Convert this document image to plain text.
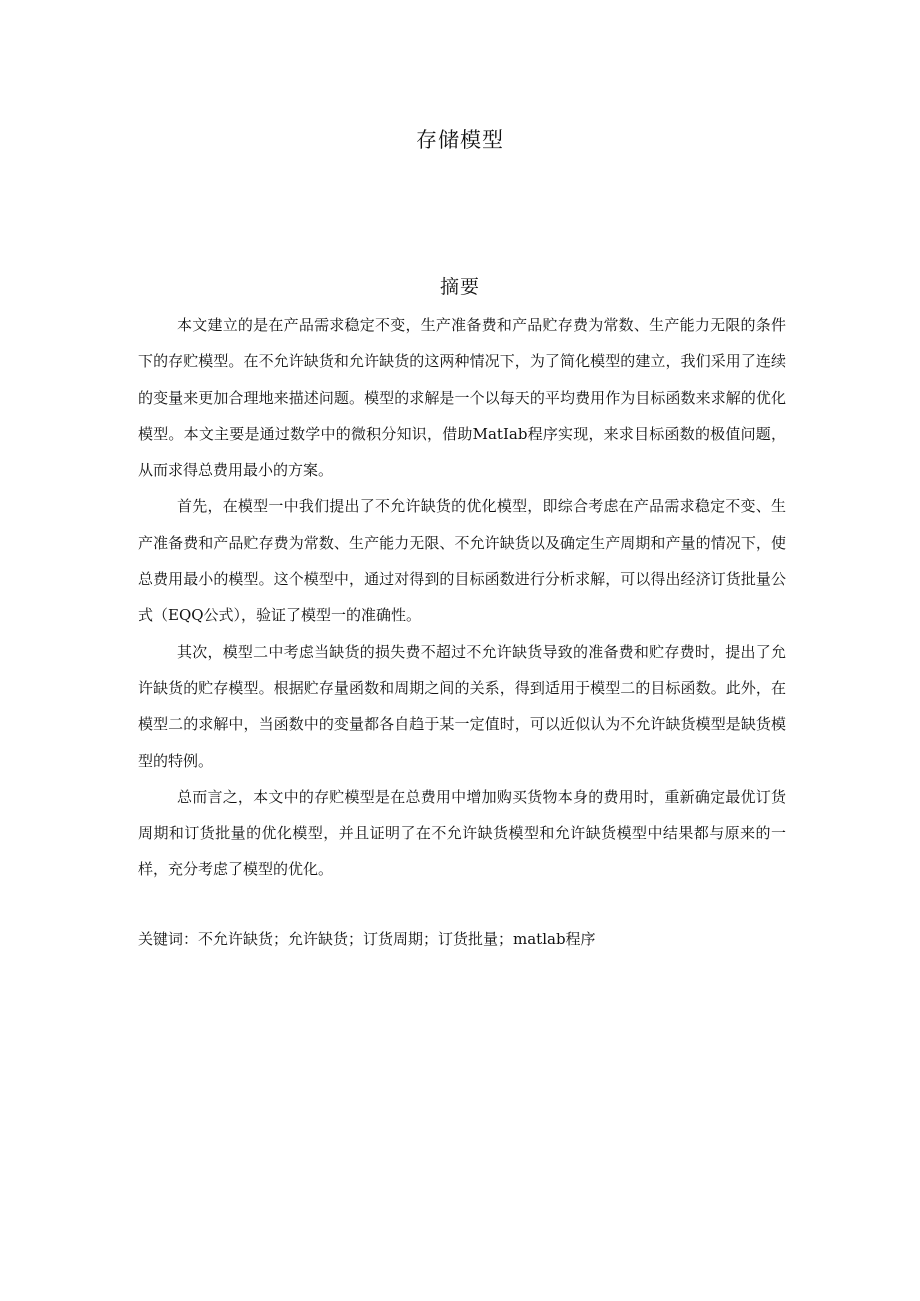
存储模型
摘要

本文建立的是在产品需求稳定不变，生产准备费和产品贮存费为常数、生产能力无限的条件下的存贮模型。在不允许缺货和允许缺货的这两种情况下，为了简化模型的建立，我们采用了连续的变量来更加合理地来描述问题。模型的求解是一个以每天的平均费用作为目标函数来求解的优化模型。本文主要是通过数学中的微积分知识，借助MatIab程序实现，来求目标函数的极值问题，从而求得总费用最小的方案。

首先，在模型一中我们提出了不允许缺货的优化模型，即综合考虑在产品需求稳定不变、生产准备费和产品贮存费为常数、生产能力无限、不允许缺货以及确定生产周期和产量的情况下，使总费用最小的模型。这个模型中，通过对得到的目标函数进行分析求解，可以得出经济订货批量公式（EQQ公式），验证了模型一的准确性。

其次，模型二中考虑当缺货的损失费不超过不允许缺货导致的准备费和贮存费时，提出了允许缺货的贮存模型。根据贮存量函数和周期之间的关系，得到适用于模型二的目标函数。此外，在模型二的求解中，当函数中的变量都各自趋于某一定值时，可以近似认为不允许缺货模型是缺货模型的特例。

总而言之，本文中的存贮模型是在总费用中增加购买货物本身的费用时，重新确定最优订货周期和订货批量的优化模型，并且证明了在不允许缺货模型和允许缺货模型中结果都与原来的一样，充分考虑了模型的优化。

关键词：不允许缺货；允许缺货；订货周期；订货批量；matlab程序
